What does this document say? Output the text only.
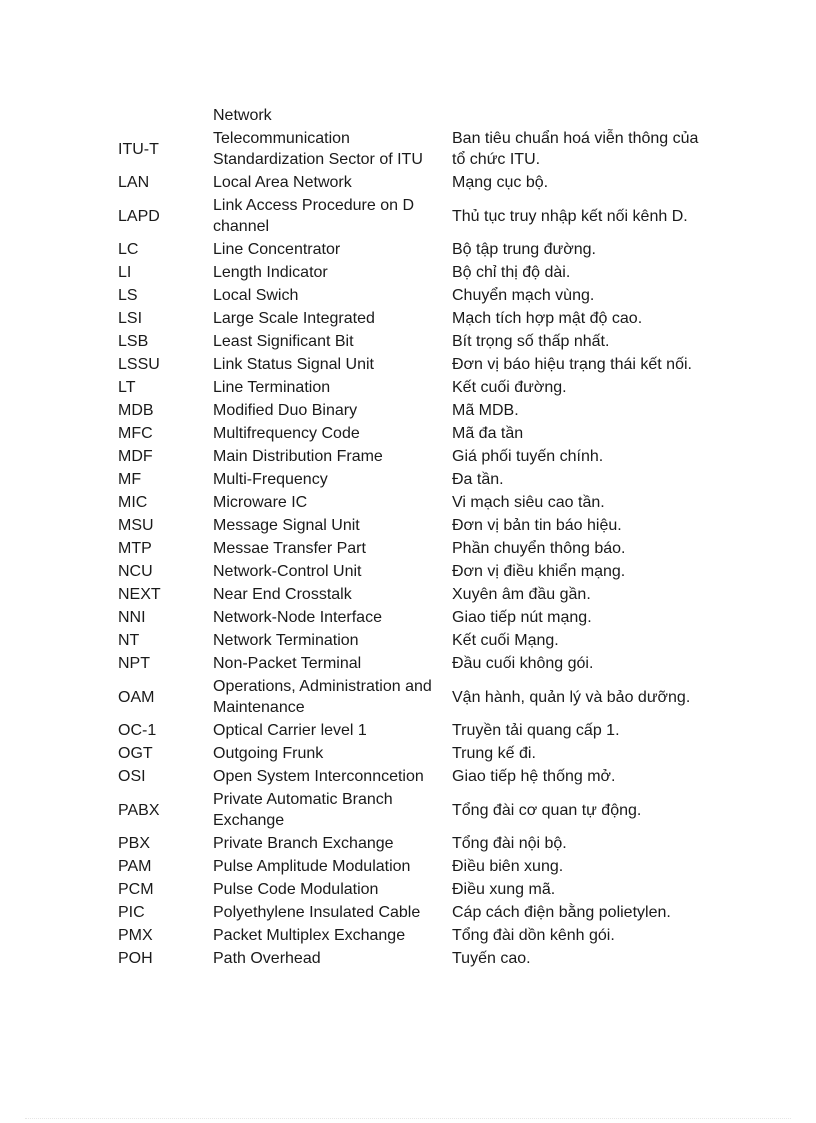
	Network	
ITU-T	Telecommunication Standardization Sector of ITU	Ban tiêu chuẩn hoá viễn thông của tổ chức ITU.
LAN	Local Area Network	Mạng cục bộ.
LAPD	Link Access Procedure on D channel	Thủ tục truy nhập kết nối kênh D.
LC	Line Concentrator	Bộ tập trung đường.
LI	Length Indicator	Bộ chỉ thị độ dài.
LS	Local Swich	Chuyển mạch vùng.
LSI	Large Scale Integrated	Mạch tích hợp mật độ cao.
LSB	Least Significant Bit	Bít trọng số thấp nhất.
LSSU	Link Status Signal Unit	Đơn vị báo hiệu trạng thái kết nối.
LT	Line Termination	Kết cuối đường.
MDB	Modified Duo Binary	Mã MDB.
MFC	Multifrequency Code	Mã đa tần
MDF	Main Distribution Frame	Giá phối tuyến chính.
MF	Multi-Frequency	Đa tần.
MIC	Microware IC	Vi mạch siêu cao tần.
MSU	Message Signal Unit	Đơn vị bản tin báo hiệu.
MTP	Messae Transfer Part	Phần chuyển thông báo.
NCU	Network-Control Unit	Đơn vị điều khiển mạng.
NEXT	Near End Crosstalk	Xuyên âm đầu gần.
NNI	Network-Node Interface	Giao tiếp nút mạng.
NT	Network Termination	Kết cuối Mạng.
NPT	Non-Packet Terminal	Đầu cuối không gói.
OAM	Operations, Administration and Maintenance	Vận hành, quản lý và bảo dưỡng.
OC-1	Optical Carrier level 1	Truyền tải quang cấp 1.
OGT	Outgoing Frunk	Trung kế đi.
OSI	Open System Interconncetion	Giao tiếp hệ thống mở.
PABX	Private Automatic Branch Exchange	Tổng đài cơ quan tự động.
PBX	Private Branch Exchange	Tổng đài nội bộ.
PAM	Pulse Amplitude Modulation	Điều biên xung.
PCM	Pulse Code Modulation	Điều xung mã.
PIC	Polyethylene Insulated Cable	Cáp cách điện bằng polietylen.
PMX	Packet Multiplex Exchange	Tổng đài dồn kênh gói.
POH	Path Overhead	Tuyến cao.
